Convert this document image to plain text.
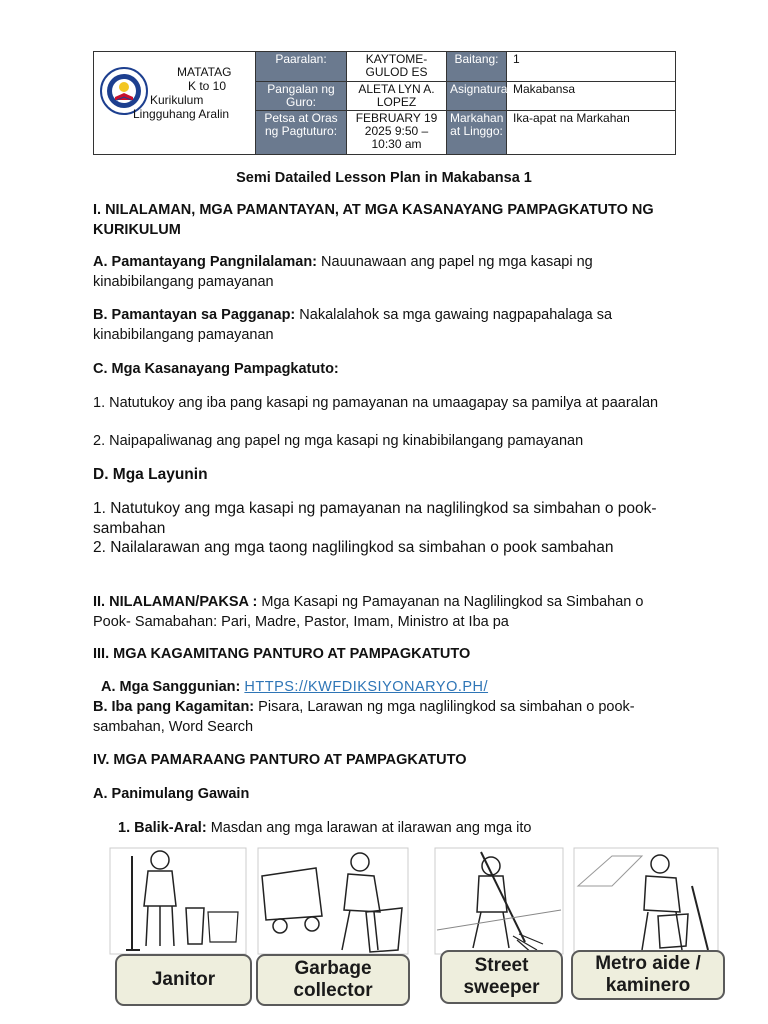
MATATAG
K to 10
Kurikulum
Lingguhang Aralin	Paaralan:	KAYTOME-GULOD ES	Baitang:	1
	Pangalan ng Guro:	ALETA LYN A. LOPEZ	Asignatura:	Makabansa
	Petsa at Oras ng Pagtuturo:	FEBRUARY 19 2025 9:50 – 10:30 am	Markahan at Linggo:	Ika-apat na Markahan
Semi Datailed Lesson Plan in Makabansa 1
I. NILALAMAN, MGA PAMANTAYAN, AT MGA KASANAYANG PAMPAGKATUTO NG KURIKULUM
A. Pamantayang Pangnilalaman: Nauunawaan ang papel ng mga kasapi ng kinabibilangang pamayanan
B. Pamantayan sa Pagganap: Nakalalahok sa mga gawaing nagpapahalaga sa kinabibilangang pamayanan
C. Mga Kasanayang Pampagkatuto:
1. Natutukoy ang iba pang kasapi ng pamayanan na umaagapay sa pamilya at paaralan
2. Naipapaliwanag ang papel ng mga kasapi ng kinabibilangang pamayanan
D. Mga Layunin
1. Natutukoy ang mga kasapi ng pamayanan na naglilingkod sa simbahan o pook-sambahan
2. Nailalarawan ang mga taong naglilingkod sa simbahan o pook sambahan
II. NILALAMAN/PAKSA : Mga Kasapi ng Pamayanan na Naglilingkod sa Simbahan o Pook- Samabahan: Pari, Madre, Pastor, Imam, Ministro at Iba pa
III. MGA KAGAMITANG PANTURO AT PAMPAGKATUTO
A. Mga Sanggunian: HTTPS://KWFDIKSIYONARYO.PH/
B. Iba pang Kagamitan: Pisara, Larawan ng mga naglilingkod sa simbahan o pook-sambahan, Word Search
IV. MGA PAMARAANG PANTURO AT PAMPAGKATUTO
A. Panimulang Gawain
1. Balik-Aral: Masdan ang mga larawan at ilarawan ang mga ito
Janitor
Garbage collector
Street sweeper
Metro aide / kaminero
